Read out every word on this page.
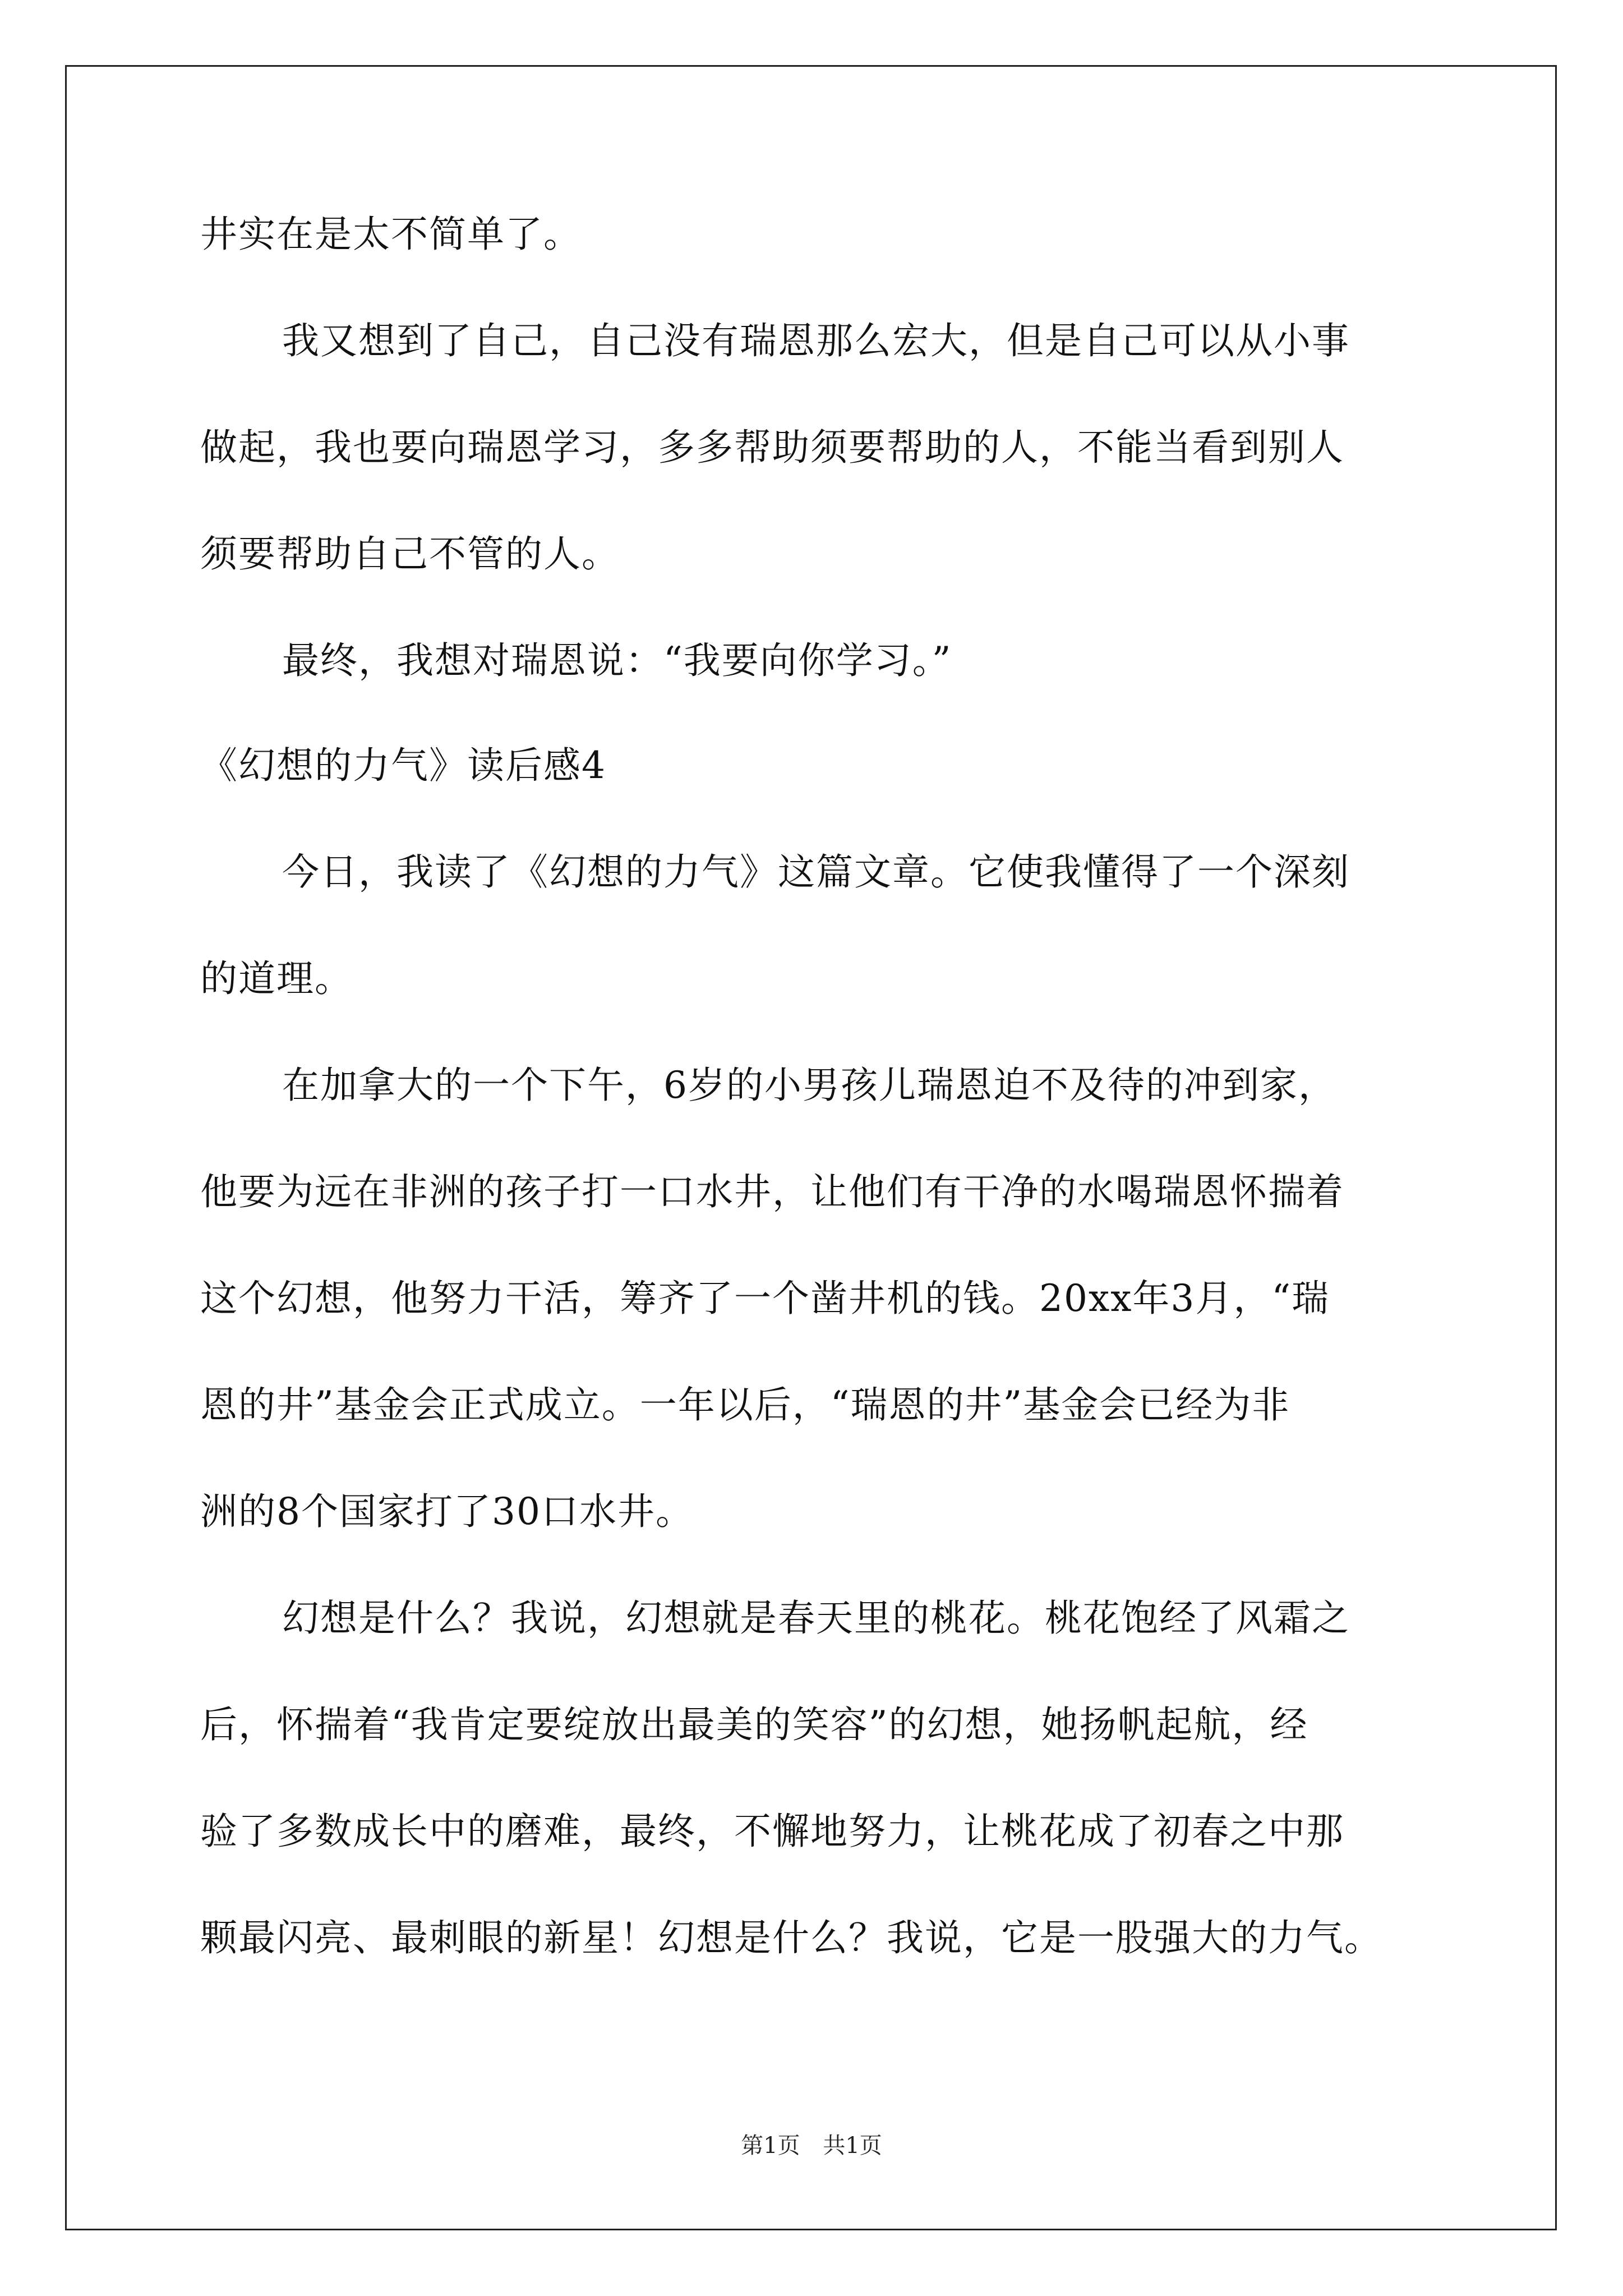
井实在是太不简单了。
我又想到了自己，自己没有瑞恩那么宏大，但是自己可以从小事
做起，我也要向瑞恩学习，多多帮助须要帮助的人，不能当看到别人
须要帮助自己不管的人。
最终，我想对瑞恩说：“我要向你学习。”
《幻想的力气》读后感4
今日，我读了《幻想的力气》这篇文章。它使我懂得了一个深刻
的道理。
在加拿大的一个下午，6岁的小男孩儿瑞恩迫不及待的冲到家，
他要为远在非洲的孩子打一口水井，让他们有干净的水喝瑞恩怀揣着
这个幻想，他努力干活，筹齐了一个凿井机的钱。20xx年3月，“瑞
恩的井”基金会正式成立。一年以后，“瑞恩的井”基金会已经为非
洲的8个国家打了30口水井。
幻想是什么？我说，幻想就是春天里的桃花。桃花饱经了风霜之
后，怀揣着“我肯定要绽放出最美的笑容”的幻想，她扬帆起航，经
验了多数成长中的磨难，最终，不懈地努力，让桃花成了初春之中那
颗最闪亮、最刺眼的新星！幻想是什么？我说，它是一股强大的力气。
第1页 共1页
